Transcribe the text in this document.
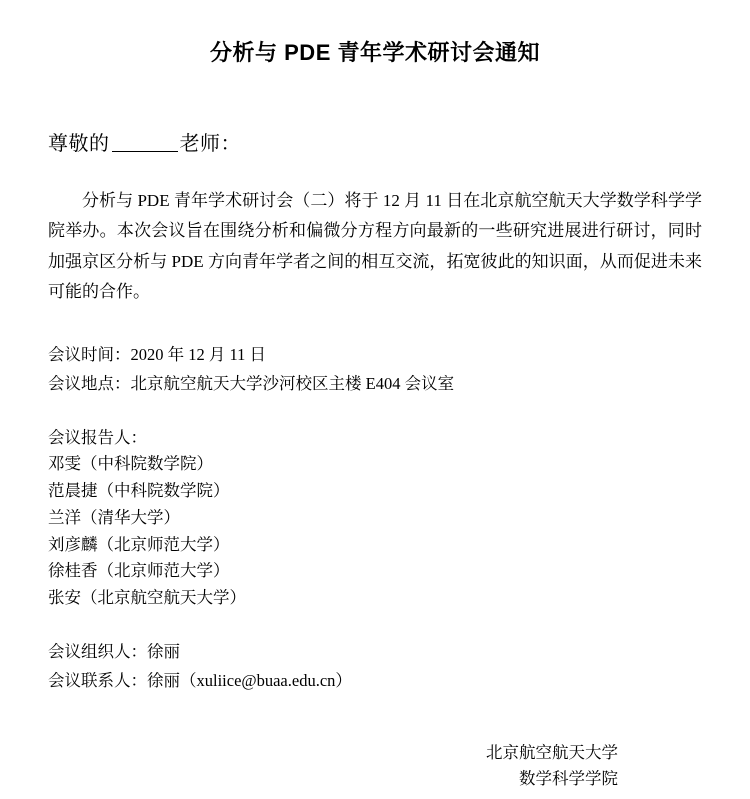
分析与 PDE 青年学术研讨会通知
尊敬的	老师：

分析与 PDE 青年学术研讨会（二）将于 12 月 11 日在北京航空航天大学数学科学学院举办。本次会议旨在围绕分析和偏微分方程方向最新的一些研究进展进行研讨，同时加强京区分析与 PDE 方向青年学者之间的相互交流，拓宽彼此的知识面，从而促进未来可能的合作。

会议时间：2020 年 12 月 11 日
会议地点：北京航空航天大学沙河校区主楼 E404 会议室
会议报告人：
邓雯（中科院数学院）
范晨捷（中科院数学院）
兰洋（清华大学）
刘彦麟（北京师范大学）
徐桂香（北京师范大学）
张安（北京航空航天大学）
会议组织人：徐丽
会议联系人：徐丽（xuliice@buaa.edu.cn）
北京航空航天大学
数学科学学院
